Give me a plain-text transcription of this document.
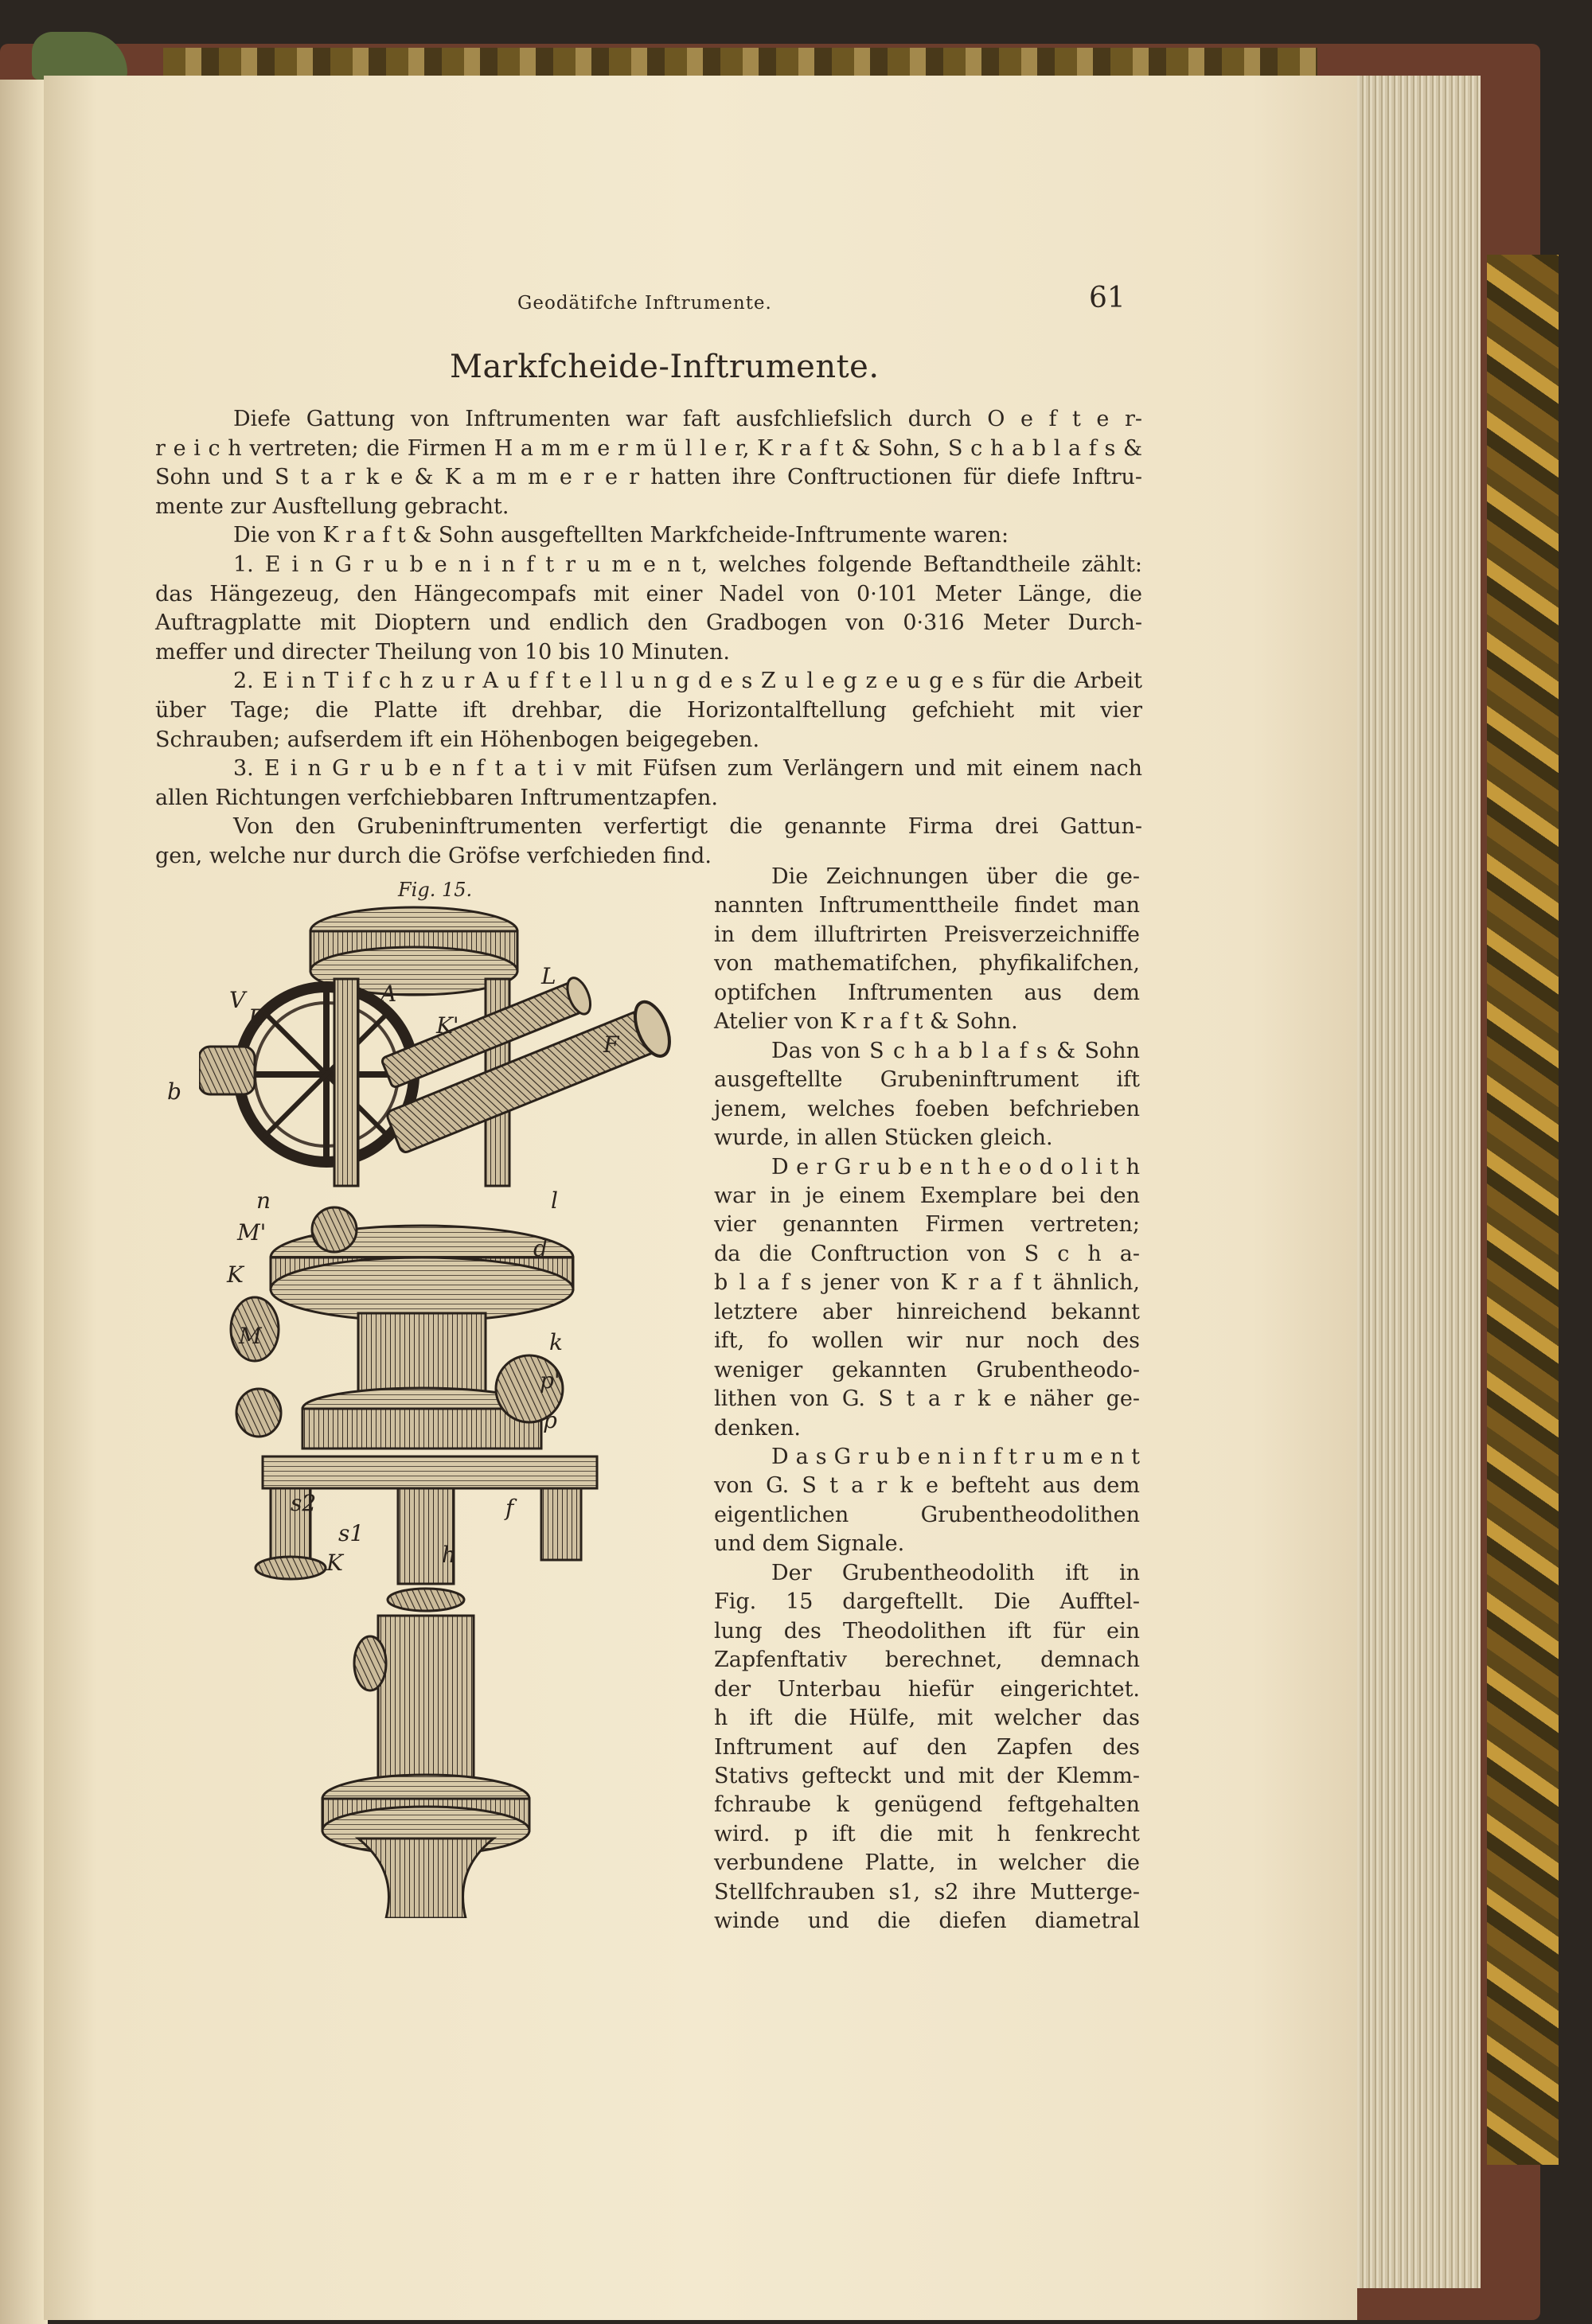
Geodätifche Inftrumente.	61
Markfcheide-Inftrumente.
Diefe Gattung von Inftrumenten war faft ausfchliefslich durch O e f t e r-
r e i c h vertreten; die Firmen H a m m e r m ü l l e r, K r a f t & Sohn, S c h a b l a f s &
Sohn und S t a r k e & K a m m e r e r hatten ihre Conftructionen für diefe Inftru-
mente zur Ausftellung gebracht.
Die von K r a f t & Sohn ausgeftellten Markfcheide-Inftrumente waren:
1. E i n G r u b e n i n f t r u m e n t, welches folgende Beftandtheile zählt:
das Hängezeug, den Hängecompafs mit einer Nadel von 0·101 Meter Länge, die
Auftragplatte mit Dioptern und endlich den Gradbogen von 0·316 Meter Durch-
meffer und directer Theilung von 10 bis 10 Minuten.
2. E i n T i f c h z u r A u f f t e l l u n g d e s Z u l e g z e u g e s für die Arbeit
über Tage; die Platte ift drehbar, die Horizontalftellung gefchieht mit vier
Schrauben; aufserdem ift ein Höhenbogen beigegeben.
3. E i n G r u b e n f t a t i v mit Füfsen zum Verlängern und mit einem nach
allen Richtungen verfchiebbaren Inftrumentzapfen.
Von den Grubeninftrumenten verfertigt die genannte Firma drei Gattun-
gen, welche nur durch die Gröfse verfchieden find.
Die Zeichnungen über die ge-
nannten Inftrumenttheile findet man
in dem illuftrirten Preisverzeichniffe
von mathematifchen, phyfikalifchen,
optifchen Inftrumenten aus dem
Atelier von K r a f t & Sohn.
Das von S c h a b l a f s & Sohn
ausgeftellte Grubeninftrument ift
jenem, welches foeben befchrieben
wurde, in allen Stücken gleich.
D e r G r u b e n t h e o d o l i t h
war in je einem Exemplare bei den
vier genannten Firmen vertreten;
da die Conftruction von S c h a-
b l a f s jener von K r a f t ähnlich,
letztere aber hinreichend bekannt
ift, fo wollen wir nur noch des
weniger gekannten Grubentheodo-
lithen von G. S t a r k e näher ge-
denken.
D a s G r u b e n i n f t r u m e n t
von G. S t a r k e befteht aus dem
eigentlichen Grubentheodolithen
und dem Signale.
Der Grubentheodolith ift in
Fig. 15 dargeftellt. Die Aufftel-
lung des Theodolithen ift für ein
Zapfenftativ berechnet, demnach
der Unterbau hiefür eingerichtet.
h ift die Hülfe, mit welcher das
Inftrument auf den Zapfen des
Stativs gefteckt und mit der Klemm-
fchraube k genügend feftgehalten
wird. p ift die mit h fenkrecht
verbundene Platte, in welcher die
Stellfchrauben s1, s2 ihre Mutterge-
winde und die diefen diametral
Fig. 15.
V
E
b
A
K'
L
F
n	l
M'
d
K
M	k
p'
p
s2
s1
f
K	h
